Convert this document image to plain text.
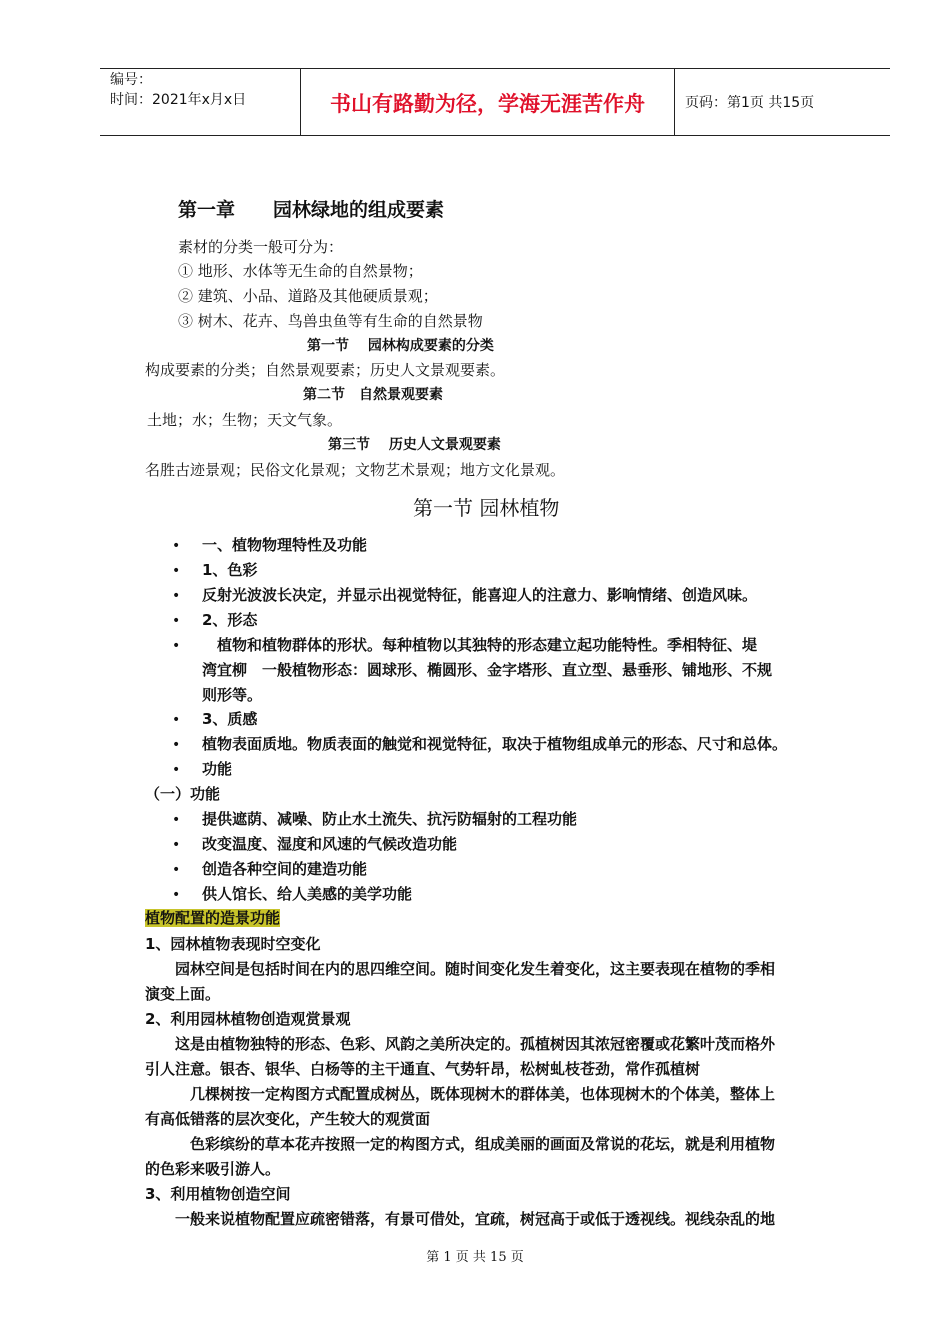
编号：
时间：2021年x月x日	书山有路勤为径，学海无涯苦作舟	页码：第1页 共15页
第一章　　园林绿地的组成要素
素材的分类一般可分为：
① 地形、水体等无生命的自然景物；
② 建筑、小品、道路及其他硬质景观；
③ 树木、花卉、鸟兽虫鱼等有生命的自然景物
第一节　 园林构成要素的分类
构成要素的分类；自然景观要素；历史人文景观要素。
第二节　自然景观要素
土地；水；生物；天文气象。
第三节　 历史人文景观要素
名胜古迹景观；民俗文化景观；文物艺术景观；地方文化景观。
第一节 园林植物
• 一、植物物理特性及功能
• 1、色彩
• 反射光波波长决定，并显示出视觉特征，能喜迎人的注意力、影响情绪、创造风味。
• 2、形态
• 　植物和植物群体的形状。每种植物以其独特的形态建立起功能特性。季相特征、堤
湾宜柳　一般植物形态：圆球形、椭圆形、金字塔形、直立型、悬垂形、铺地形、不规
则形等。
• 3、质感
• 植物表面质地。物质表面的触觉和视觉特征，取决于植物组成单元的形态、尺寸和总体。
• 功能
（一）功能
• 提供遮荫、减噪、防止水土流失、抗污防辐射的工程功能
• 改变温度、湿度和风速的气候改造功能
• 创造各种空间的建造功能
• 供人馆长、给人美感的美学功能
植物配置的造景功能
1、园林植物表现时空变化
　　园林空间是包括时间在内的思四维空间。随时间变化发生着变化，这主要表现在植物的季相
演变上面。
2、利用园林植物创造观赏景观
　　这是由植物独特的形态、色彩、风韵之美所决定的。孤植树因其浓冠密覆或花繁叶茂而格外
引人注意。银杏、银华、白杨等的主干通直、气势轩昂，松树虬枝苍劲，常作孤植树
　　　几棵树按一定构图方式配置成树丛，既体现树木的群体美，也体现树木的个体美，整体上
有高低错落的层次变化，产生较大的观赏面
　　　色彩缤纷的草本花卉按照一定的构图方式，组成美丽的画面及常说的花坛，就是利用植物
的色彩来吸引游人。
3、利用植物创造空间
　　一般来说植物配置应疏密错落，有景可借处，宜疏，树冠高于或低于透视线。视线杂乱的地
第 1 页 共 15 页
